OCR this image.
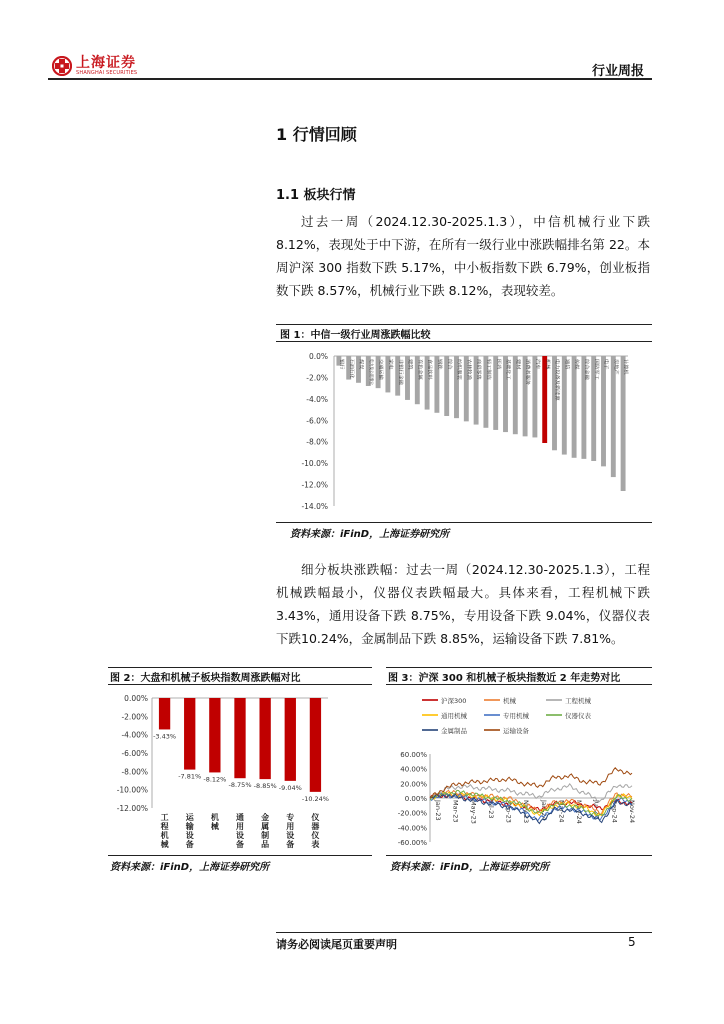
上海证券
SHANGHAI SECURITIES	行业周报
1 行情回顾
1.1 板块行情
过去一周（2024.12.30-2025.1.3），中信机械行业下跌8.12%，表现处于中下游，在所有一级行业中涨跌幅排名第 22。本周沪深 300 指数下跌 5.17%，中小板指数下跌 6.79%，创业板指数下跌 8.57%，机械行业下跌 8.12%，表现较差。
图 1：中信一级行业周涨跌幅比较
0.0%
-2.0%
-4.0%
-6.0%
-8.0%
-10.0%
-12.0%
-14.0%
银行	石油石化	煤炭	电力及公用事业	交通运输	家电	非银行金融	建筑	有色金属	食品饮料	钢铁	综合	纺织服装	农林牧渔	商贸零售	轻工制造	医药	基础化工	建材	消费者服务	汽车	机械	电力设备及新能源	通信	传媒	综合金融	国防军工	电子	房地产	计算机
资料来源：iFinD，上海证券研究所
细分板块涨跌幅：过去一周（2024.12.30-2025.1.3），工程机械跌幅最小，仪器仪表跌幅最大。具体来看，工程机械下跌3.43%，通用设备下跌 8.75%，专用设备下跌 9.04%，仪器仪表下跌10.24%，金属制品下跌 8.85%，运输设备下跌 7.81%。
图 2：大盘和机械子板块指数周涨跌幅对比
0.00%
-2.00%
-4.00%
-6.00%
-8.00%
-10.00%
-12.00%
-3.43%
工
程
机
械
-7.81%
运
输
设
备
-8.12%
机
械
-8.75%
通
用
设
备
-8.85%
金
属
制
品
-9.04%
专
用
设
备
-10.24%
仪
器
仪
表
资料来源：iFinD，上海证券研究所
图 3：沪深 300 和机械子板块指数近 2 年走势对比
沪深300	机械	工程机械
通用机械	专用机械	仪器仪表
金属制品	运输设备
60.00%
40.00%
20.00%
0.00%
-20.00%
-40.00%
-60.00%
Jan-23 Mar-23 May-23 Jul-23 Sep-23 Nov-23 Jan-24 Mar-24 May-24 Jul-24 Sep-24 Nov-24
资料来源：iFinD，上海证券研究所
请务必阅读尾页重要声明	5
